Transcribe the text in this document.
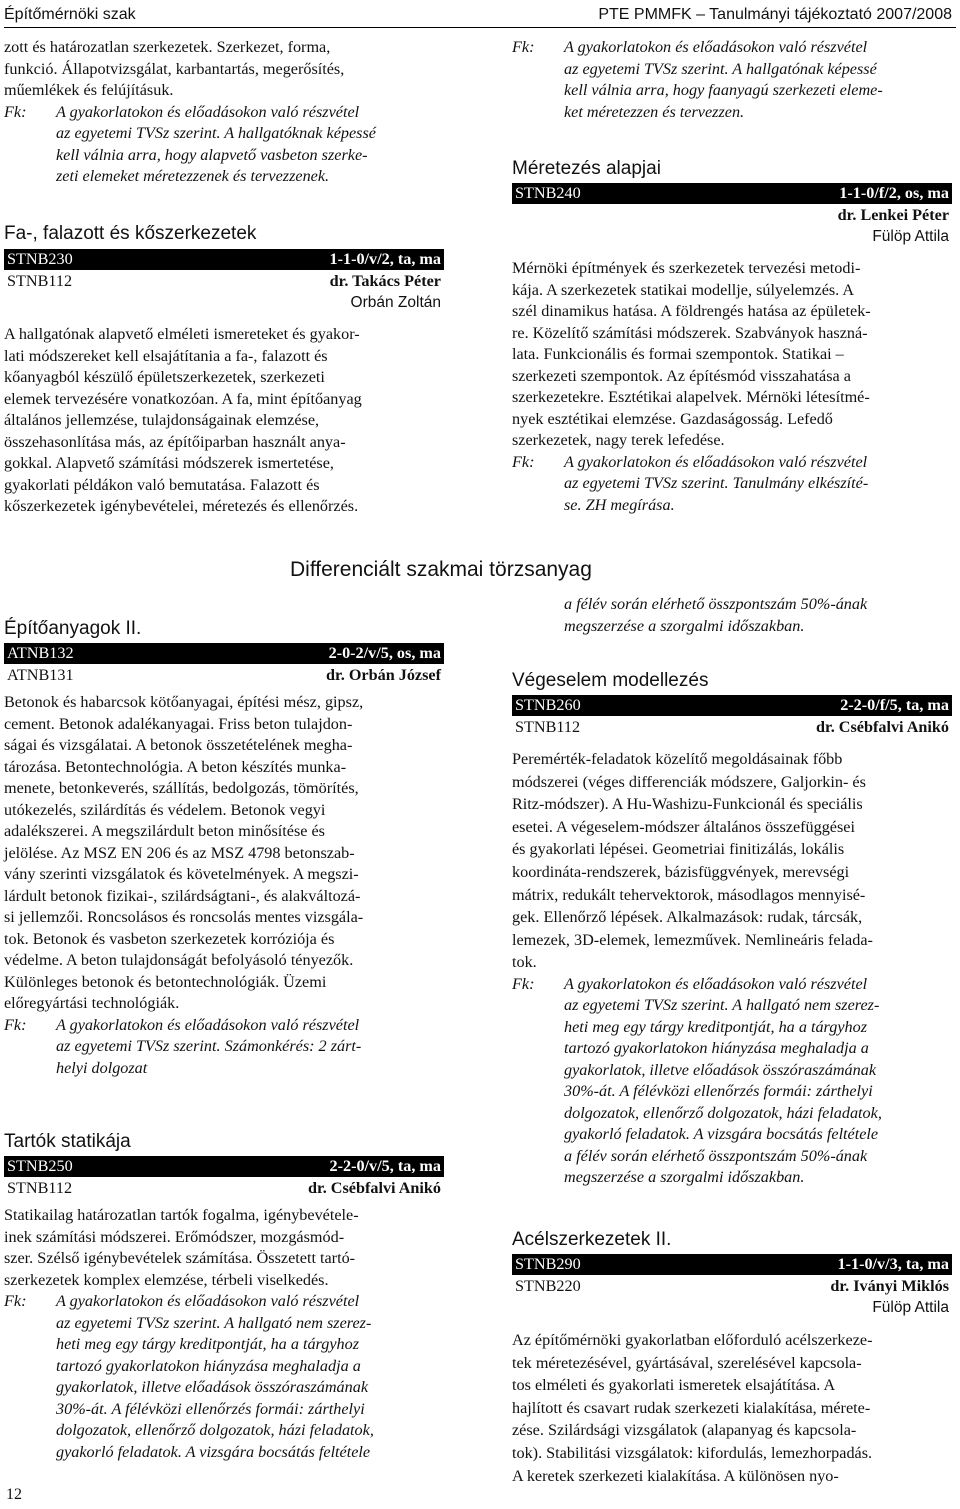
Építőmérnöki szak	PTE PMMFK – Tanulmányi tájékoztató 2007/2008

zott és határozatlan szerkezetek. Szerkezet, forma,

funkció. Állapotvizsgálat, karbantartás, megerősítés,

műemlékek és felújításuk.

Fk:	A gyakorlatokon és előadásokon való részvétel
az egyetemi TVSz szerint. A hallgatóknak képessé
kell válnia arra, hogy alapvető vasbeton szerke-
zeti elemeket méretezzenek és tervezzenek.

Fa-, falazott és kőszerkezetek

STNB230	1-1-0/v/2, ta, ma
STNB112	dr. Takács Péter
Orbán Zoltán
A hallgatónak alapvető elméleti ismereteket és gyakor-
lati módszereket kell elsajátítania a fa-, falazott és
kőanyagból készülő épületszerkezetek, szerkezeti
elemek tervezésére vonatkozóan. A fa, mint építőanyag
általános jellemzése, tulajdonságainak elemzése,
összehasonlítása más, az építőiparban használt anya-
gokkal. Alapvető számítási módszerek ismertetése,
gyakorlati példákon való bemutatása. Falazott és
kőszerkezetek igénybevételei, méretezés és ellenőrzés.
Fk:	A gyakorlatokon és előadásokon való részvétel
az egyetemi TVSz szerint. A hallgatónak képessé
kell válnia arra, hogy faanyagú szerkezeti eleme-
ket méretezzen és tervezzen.

Méretezés alapjai

STNB240	1-1-0/f/2, os, ma
dr. Lenkei Péter
Fülöp Attila
Mérnöki építmények és szerkezetek tervezési metodi-
kája. A szerkezetek statikai modellje, súlyelemzés. A
szél dinamikus hatása. A földrengés hatása az épületek-
re. Közelítő számítási módszerek. Szabványok haszná-
lata. Funkcionális és formai szempontok. Statikai –
szerkezeti szempontok. Az építésmód visszahatása a
szerkezetekre. Esztétikai alapelvek. Mérnöki létesítmé-
nyek esztétikai elemzése. Gazdaságosság. Lefedő
szerkezetek, nagy terek lefedése.
Fk:	A gyakorlatokon és előadásokon való részvétel
az egyetemi TVSz szerint. Tanulmány elkészíté-
se. ZH megírása.
Differenciált szakmai törzsanyag

Építőanyagok II.

ATNB132	2-0-2/v/5, os, ma
ATNB131	dr. Orbán József
Betonok és habarcsok kötőanyagai, építési mész, gipsz,
cement. Betonok adalékanyagai. Friss beton tulajdon-
ságai és vizsgálatai. A betonok összetételének megha-
tározása. Betontechnológia. A beton készítés munka-
menete, betonkeverés, szállítás, bedolgozás, tömörítés,
utókezelés, szilárdítás és védelem. Betonok vegyi
adalékszerei. A megszilárdult beton minősítése és
jelölése. Az MSZ EN 206 és az MSZ 4798 betonszab-
vány szerinti vizsgálatok és követelmények. A megszi-
lárdult betonok fizikai-, szilárdságtani-, és alakváltozá-
si jellemzői. Roncsolásos és roncsolás mentes vizsgála-
tok. Betonok és vasbeton szerkezetek korróziója és
védelme. A beton tulajdonságát befolyásoló tényezők.
Különleges betonok és betontechnológiák. Üzemi
előregyártási technológiák.
Fk:	A gyakorlatokon és előadásokon való részvétel
az egyetemi TVSz szerint. Számonkérés: 2 zárt-
helyi dolgozat

Tartók statikája

STNB250	2-2-0/v/5, ta, ma
STNB112	dr. Csébfalvi Anikó
Statikailag határozatlan tartók fogalma, igénybevétele-
inek számítási módszerei. Erőmódszer, mozgásmód-
szer. Szélső igénybevételek számítása. Összetett tartó-
szerkezetek komplex elemzése, térbeli viselkedés.
Fk:	A gyakorlatokon és előadásokon való részvétel
az egyetemi TVSz szerint. A hallgató nem szerez-
heti meg egy tárgy kreditpontját, ha a tárgyhoz
tartozó gyakorlatokon hiányzása meghaladja a
gyakorlatok, illetve előadások összóraszámának
30%-át. A félévközi ellenőrzés formái: zárthelyi
dolgozatok, ellenőrző dolgozatok, házi feladatok,
gyakorló feladatok. A vizsgára bocsátás feltétele
a félév során elérhető összpontszám 50%-ának
megszerzése a szorgalmi időszakban.

Végeselem modellezés

STNB260	2-2-0/f/5, ta, ma
STNB112	dr. Csébfalvi Anikó
Peremérték-feladatok közelítő megoldásainak főbb
módszerei (véges differenciák módszere, Galjorkin- és
Ritz-módszer). A Hu-Washizu-Funkcionál és speciális
esetei. A végeselem-módszer általános összefüggései
és gyakorlati lépései. Geometriai finitizálás, lokális
koordináta-rendszerek, bázisfüggvények, merevségi
mátrix, redukált tehervektorok, másodlagos mennyisé-
gek. Ellenőrző lépések. Alkalmazások: rudak, tárcsák,
lemezek, 3D-elemek, lemezművek. Nemlineáris felada-
tok.
Fk:	A gyakorlatokon és előadásokon való részvétel
az egyetemi TVSz szerint. A hallgató nem szerez-
heti meg egy tárgy kreditpontját, ha a tárgyhoz
tartozó gyakorlatokon hiányzása meghaladja a
gyakorlatok, illetve előadások összóraszámának
30%-át. A félévközi ellenőrzés formái: zárthelyi
dolgozatok, ellenőrző dolgozatok, házi feladatok,
gyakorló feladatok. A vizsgára bocsátás feltétele
a félév során elérhető összpontszám 50%-ának
megszerzése a szorgalmi időszakban.

Acélszerkezetek II.

STNB290	1-1-0/v/3, ta, ma
STNB220	dr. Iványi Miklós
Fülöp Attila
Az építőmérnöki gyakorlatban előforduló acélszerkeze-
tek méretezésével, gyártásával, szerelésével kapcsola-
tos elméleti és gyakorlati ismeretek elsajátítása. A
hajlított és csavart rudak szerkezeti kialakítása, mérete-
zése. Szilárdsági vizsgálatok (alapanyag és kapcsola-
tok). Stabilitási vizsgálatok: kifordulás, lemezhorpadás.
A keretek szerkezeti kialakítása. A különösen nyo-
12
